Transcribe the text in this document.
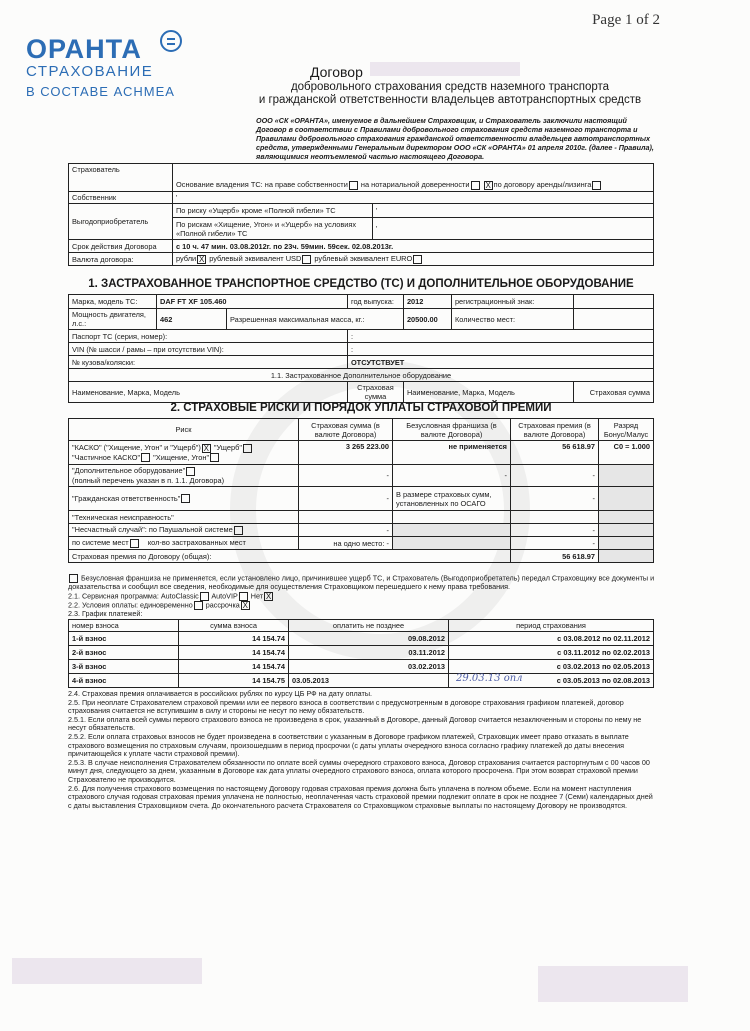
Page 1 of 2
ОРАНТА
СТРАХОВАНИЕ
В СОСТАВЕ АСНМЕА
Договор
добровольного страхования средств наземного транспорта
и гражданской ответственности владельцев автотранспортных средств
ООО «СК «ОРАНТА», именуемое в дальнейшем Страховщик, и Страхователь заключили настоящий Договор в соответствии с Правилами добровольного страхования средств наземного транспорта и Правилами добровольного страхования гражданской ответственности владельцев автотранспортных средств, утвержденными Генеральным директором ООО «СК «ОРАНТА» 01 апреля 2010г. (далее - Правила), являющимися неотъемлемой частью настоящего Договора.
Страхователь	Основание владения ТС: на праве собственности на нотариальной доверенности X по договору аренды/лизинга	
Собственник	'	
Выгодоприобретатель	По риску «Ущерб» кроме «Полной гибели» ТС	'
	По рискам «Хищение, Угон» и «Ущерб» на условиях «Полной гибели» ТС	'
Срок действия Договора	с 10 ч. 47 мин. 03.08.2012г. по 23ч. 59мин. 59сек. 02.08.2013г.	
Валюта договора:	рубли X рублевый эквивалент USD рублевый эквивалент EURO	
1. ЗАСТРАХОВАННОЕ ТРАНСПОРТНОЕ СРЕДСТВО (ТС) И ДОПОЛНИТЕЛЬНОЕ ОБОРУДОВАНИЕ
Марка, модель ТС:	DAF FT XF 105.460		год выпуска:	2012	регистрационный знак:	
Мощность двигателя, л.с.:	462	Разрешенная максимальная масса, кг.:		20500.00	Количество мест:	
Паспорт ТС (серия, номер):			:			
VIN (№ шасси / рамы – при отсутствии VIN):			:			
№ кузова/коляски:			ОТСУТСТВУЕТ			
1.1. Застрахованное Дополнительное оборудование						
Наименование, Марка, Модель			Страховая сумма	Наименование, Марка, Модель		Страховая сумма
2. СТРАХОВЫЕ РИСКИ И ПОРЯДОК УПЛАТЫ СТРАХОВОЙ ПРЕМИИ
Риск	Страховая сумма (в валюте Договора)	Безусловная франшиза (в валюте Договора)	Страховая премия (в валюте Договора)	Разряд Бонус/Малус
"КАСКО" ("Хищение, Угон" и "Ущерб") X "Ущерб"
"Частичное КАСКО" "Хищение, Угон"	3 265 223.00	не применяется	56 618.97	С0 = 1.000
"Дополнительное оборудование"
(полный перечень указан в п. 1.1. Договора)	-	-	-	
"Гражданская ответственность"	-	В размере страховых сумм, установленных по ОСАГО	-	
"Техническая неисправность"				
"Несчастный случай": по Паушальной системе	-		-	
по системе мест кол-во застрахованных мест	на одно место: -		-	
Страховая премия по Договору (общая):			56 618.97	
Безусловная франшиза не применяется, если установлено лицо, причинившее ущерб ТС, и Страхователь (Выгодоприобретатель) передал Страховщику все документы и доказательства и сообщил все сведения, необходимые для осуществления Страховщиком перешедшего к нему права требования.
2.1. Сервисная программа: AutoClassic AutoVIP Нет X
2.2. Условия оплаты: единовременно рассрочка X
2.3. График платежей:
номер взноса	сумма взноса	оплатить не позднее	период страхования
1-й взнос	14 154.74	09.08.2012	с 03.08.2012 по 02.11.2012
2-й взнос	14 154.74	03.11.2012	с 03.11.2012 по 02.02.2013
3-й взнос	14 154.74	03.02.2013	с 03.02.2013 по 02.05.2013
4-й взнос	14 154.75	03.05.2013	с 03.05.2013 по 02.08.2013
29.03.13 опл
2.4. Страховая премия оплачивается в российских рублях по курсу ЦБ РФ на дату оплаты.
2.5. При неоплате Страхователем страховой премии или ее первого взноса в соответствии с предусмотренным в договоре страхования графиком платежей, договор страхования считается не вступившим в силу и стороны не несут по нему обязательств.
2.5.1. Если оплата всей суммы первого страхового взноса не произведена в срок, указанный в Договоре, данный Договор считается незаключенным и стороны по нему не несут обязательств.
2.5.2. Если оплата страховых взносов не будет произведена в соответствии с указанным в Договоре графиком платежей, Страховщик имеет право отказать в выплате страхового возмещения по страховым случаям, произошедшим в период просрочки (с даты уплаты очередного взноса согласно графику платежей до даты внесения причитающейся к уплате части страховой премии).
2.5.3. В случае неисполнения Страхователем обязанности по оплате всей суммы очередного страхового взноса, Договор страхования считается расторгнутым с 00 часов 00 минут дня, следующего за днем, указанным в Договоре как дата уплаты очередного страхового взноса, оплата которого просрочена. При этом возврат страховой премии Страхователю не производится.
2.6. Для получения страхового возмещения по настоящему Договору годовая страховая премия должна быть уплачена в полном объеме. Если на момент наступления страхового случая годовая страховая премия уплачена не полностью, неоплаченная часть страховой премии подлежит оплате в срок не позднее 7 (Семи) календарных дней с даты выставления Страховщиком счета. До окончательного расчета Страхователя со Страховщиком страховые выплаты по настоящему Договору не производятся.
